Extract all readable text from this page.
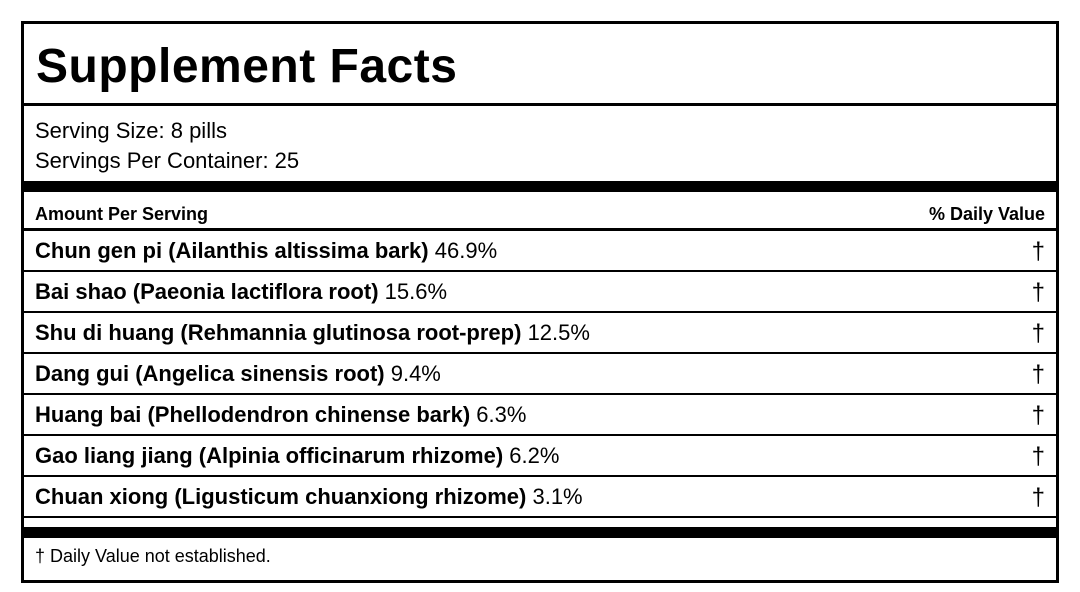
Supplement Facts
Serving Size: 8 pills
Servings Per Container: 25
Amount Per Serving	% Daily Value
Chun gen pi (Ailanthis altissima bark) 46.9%	†
Bai shao (Paeonia lactiflora root) 15.6%	†
Shu di huang (Rehmannia glutinosa root-prep) 12.5%	†
Dang gui (Angelica sinensis root) 9.4%	†
Huang bai (Phellodendron chinense bark) 6.3%	†
Gao liang jiang (Alpinia officinarum rhizome) 6.2%	†
Chuan xiong (Ligusticum chuanxiong rhizome) 3.1%	†
† Daily Value not established.
